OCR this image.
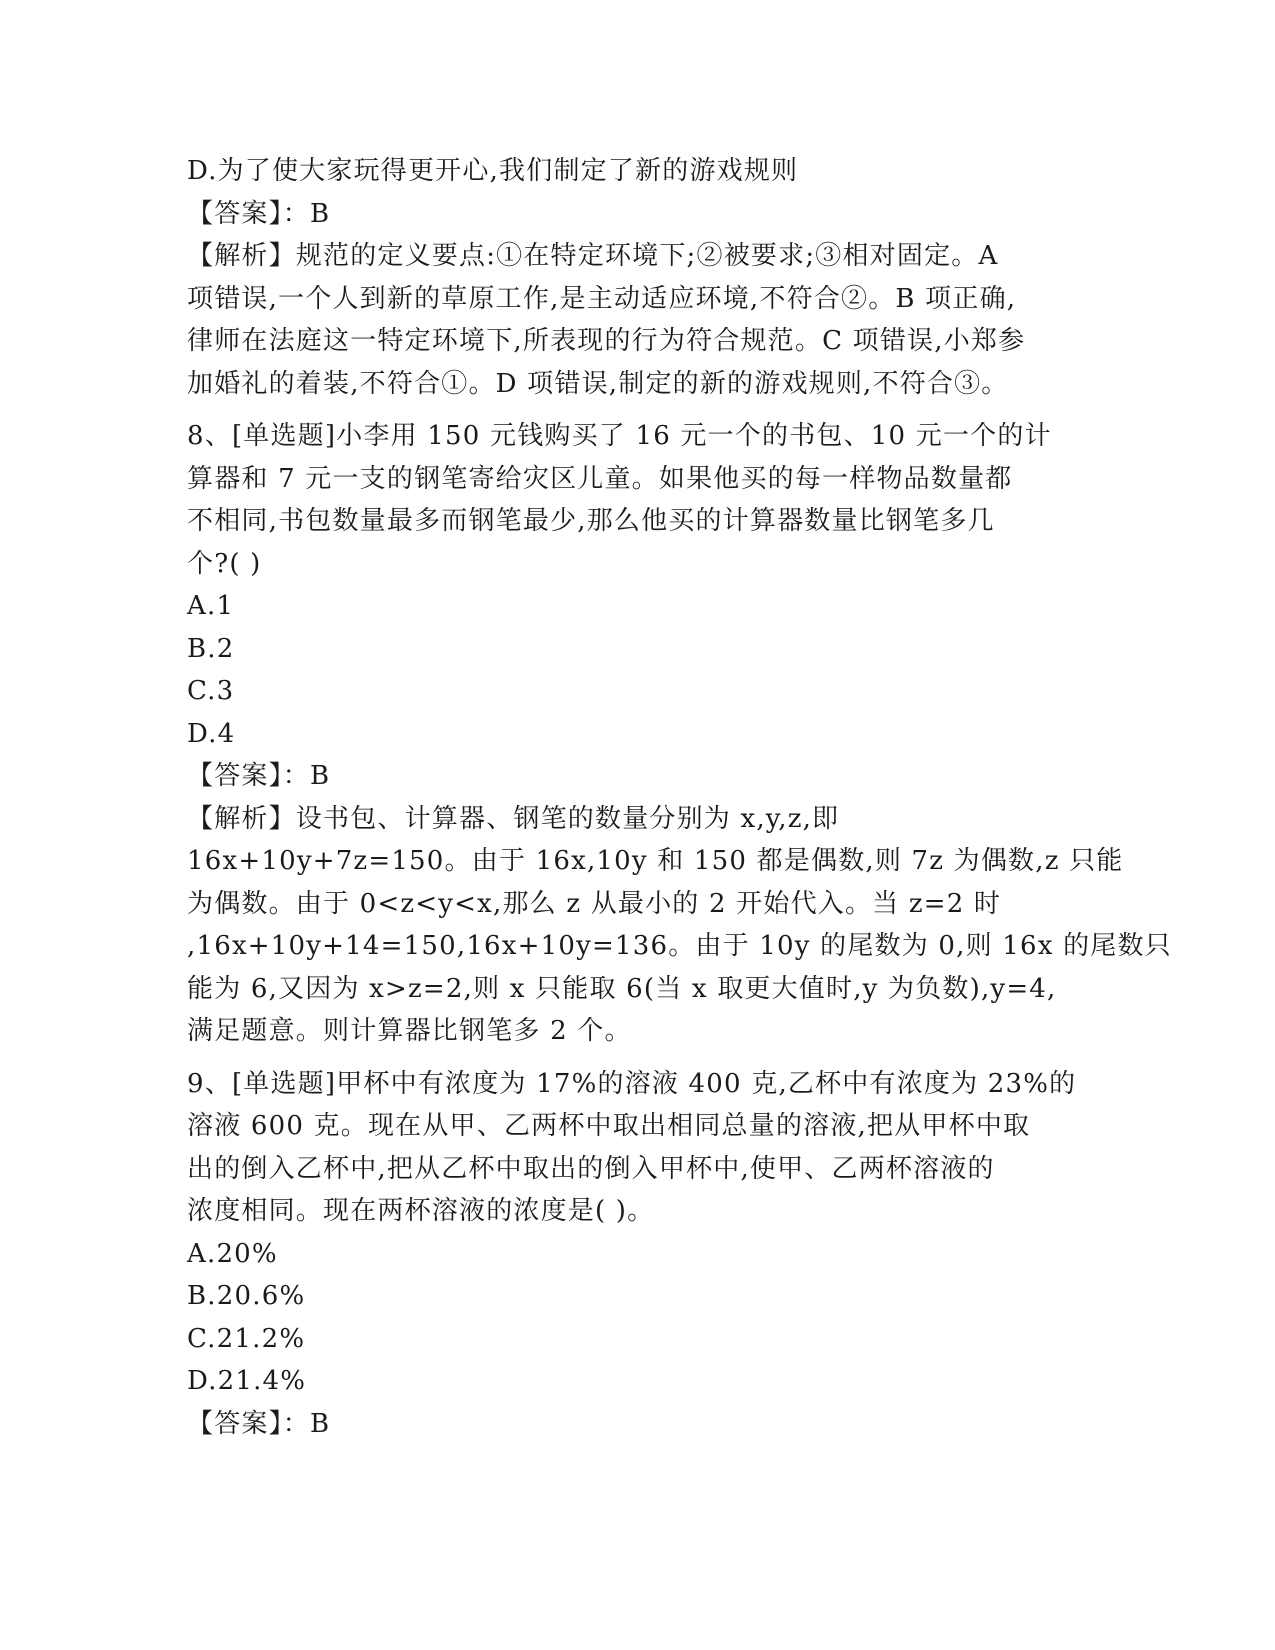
D.为了使大家玩得更开心,我们制定了新的游戏规则
【答案】：B
【解析】规范的定义要点:①在特定环境下;②被要求;③相对固定。A
项错误,一个人到新的草原工作,是主动适应环境,不符合②。B 项正确,
律师在法庭这一特定环境下,所表现的行为符合规范。C 项错误,小郑参
加婚礼的着装,不符合①。D 项错误,制定的新的游戏规则,不符合③。
8、[单选题]小李用 150 元钱购买了 16 元一个的书包、10 元一个的计
算器和 7 元一支的钢笔寄给灾区儿童。如果他买的每一样物品数量都
不相同,书包数量最多而钢笔最少,那么他买的计算器数量比钢笔多几
个?( )
A.1
B.2
C.3
D.4
【答案】：B
【解析】设书包、计算器、钢笔的数量分别为 x,y,z,即
16x+10y+7z=150。由于 16x,10y 和 150 都是偶数,则 7z 为偶数,z 只能
为偶数。由于 0<z<y<x,那么 z 从最小的 2 开始代入。当 z=2 时
,16x+10y+14=150,16x+10y=136。由于 10y 的尾数为 0,则 16x 的尾数只
能为 6,又因为 x>z=2,则 x 只能取 6(当 x 取更大值时,y 为负数),y=4,
满足题意。则计算器比钢笔多 2 个。
9、[单选题]甲杯中有浓度为 17%的溶液 400 克,乙杯中有浓度为 23%的
溶液 600 克。现在从甲、乙两杯中取出相同总量的溶液,把从甲杯中取
出的倒入乙杯中,把从乙杯中取出的倒入甲杯中,使甲、乙两杯溶液的
浓度相同。现在两杯溶液的浓度是( )。
A.20%
B.20.6%
C.21.2%
D.21.4%
【答案】：B
